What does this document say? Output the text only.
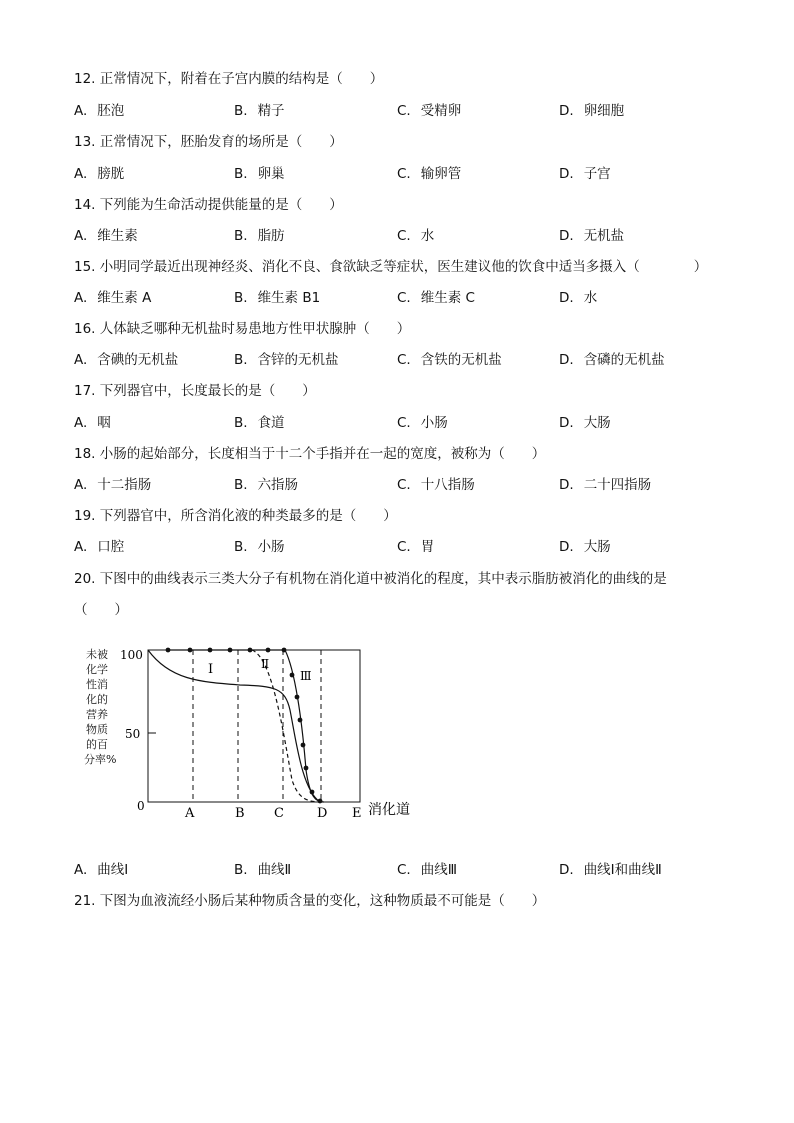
12. 正常情况下，附着在子宫内膜的结构是（　　）
A. 胚泡	B. 精子	C. 受精卵	D. 卵细胞
13. 正常情况下，胚胎发育的场所是（　　）
A. 膀胱	B. 卵巢	C. 输卵管	D. 子宫
14. 下列能为生命活动提供能量的是（　　）
A. 维生素	B. 脂肪	C. 水	D. 无机盐
15. 小明同学最近出现神经炎、消化不良、食欲缺乏等症状，医生建议他的饮食中适当多摄入（　　　　）
A. 维生素 A	B. 维生素 B1	C. 维生素 C	D. 水
16. 人体缺乏哪种无机盐时易患地方性甲状腺肿（　　）
A. 含碘的无机盐	B. 含锌的无机盐	C. 含铁的无机盐	D. 含磷的无机盐
17. 下列器官中，长度最长的是（　　）
A. 咽	B. 食道	C. 小肠	D. 大肠
18. 小肠的起始部分，长度相当于十二个手指并在一起的宽度，被称为（　　）
A. 十二指肠	B. 六指肠	C. 十八指肠	D. 二十四指肠
19. 下列器官中，所含消化液的种类最多的是（　　）
A. 口腔	B. 小肠	C. 胃	D. 大肠
20. 下图中的曲线表示三类大分子有机物在消化道中被消化的程度，其中表示脂肪被消化的曲线的是
（　　）
未被
化学
性消
化的
营养
物质
的百
分率%
100
50
0	A	B C	D E 消化道
Ⅰ	Ⅱ
Ⅲ
A. 曲线Ⅰ	B. 曲线Ⅱ	C. 曲线Ⅲ	D. 曲线Ⅰ和曲线Ⅱ
21. 下图为血液流经小肠后某种物质含量的变化，这种物质最不可能是（　　）
